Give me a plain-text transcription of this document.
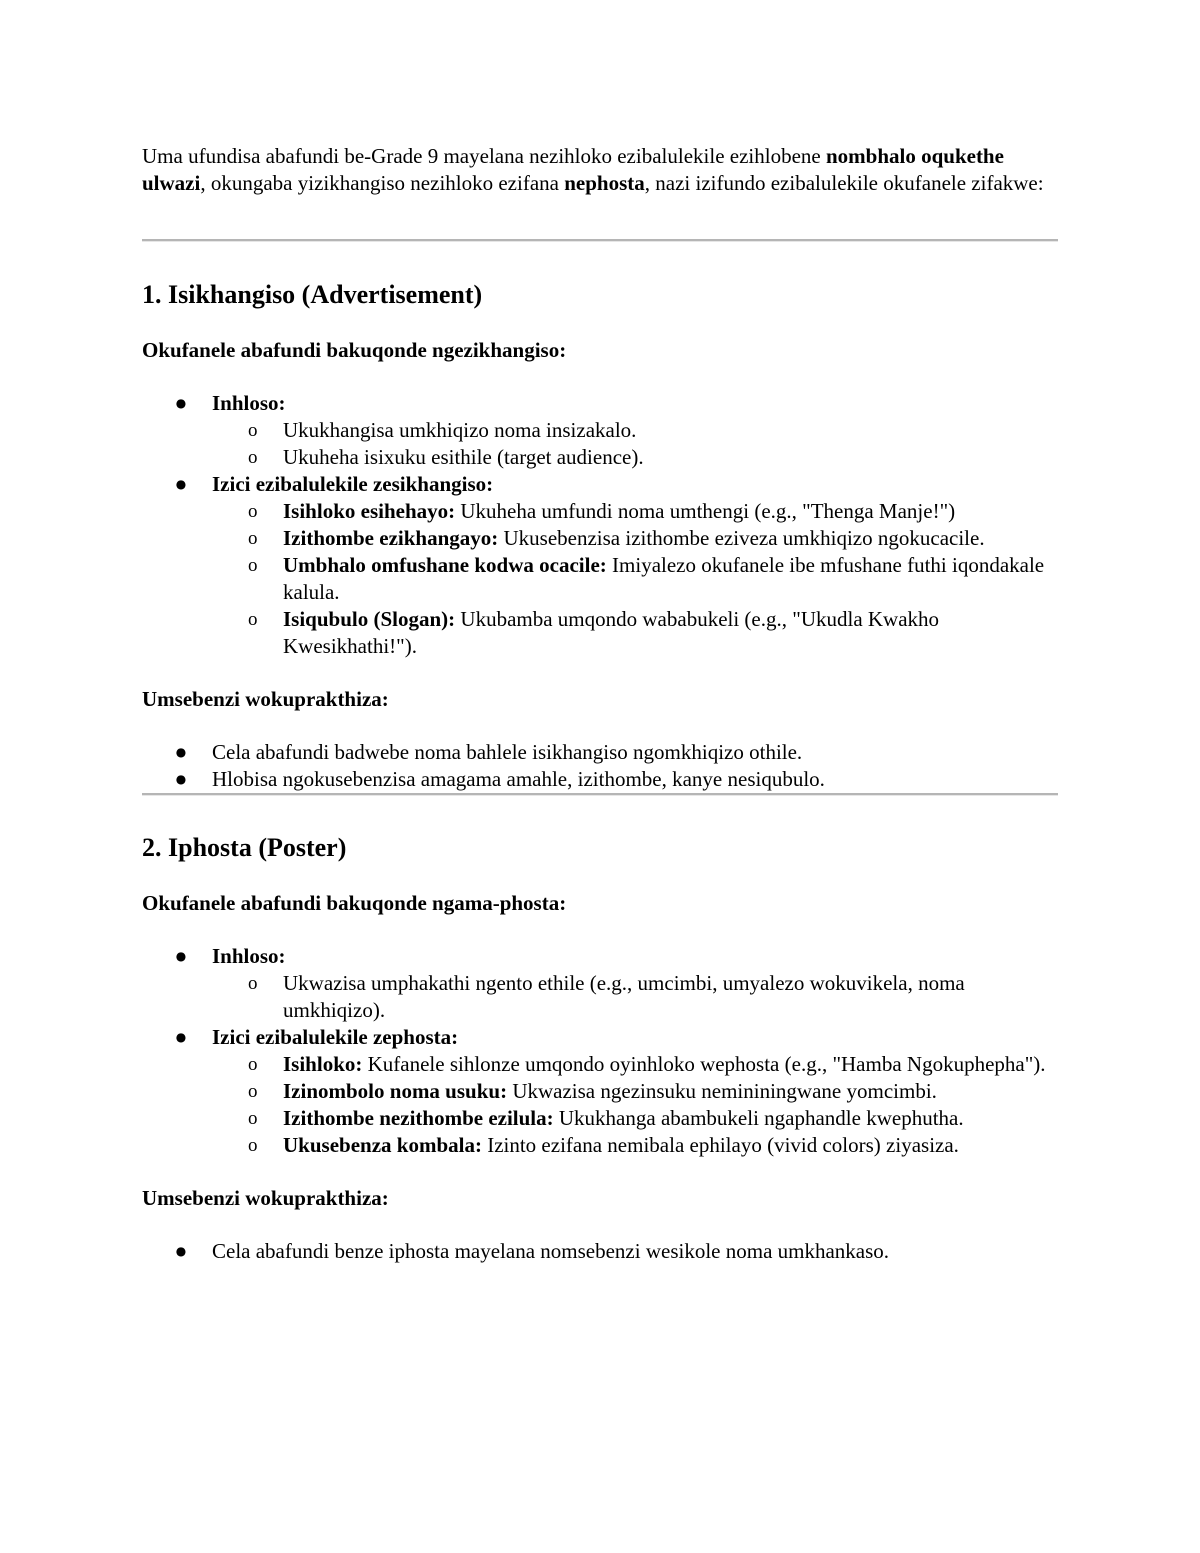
Uma ufundisa abafundi be-Grade 9 mayelana nezihloko ezibalulekile ezihlobene nombhalo oqukethe ulwazi, okungaba yizikhangiso nezihloko ezifana nephosta, nazi izifundo ezibalulekile okufanele zifakwe:

1. Isikhangiso (Advertisement)

Okufanele abafundi bakuqonde ngezikhangiso:

● Inhloso:
o Ukukhangisa umkhiqizo noma insizakalo.
o Ukuheha isixuku esithile (target audience).
● Izici ezibalulekile zesikhangiso:
o Isihloko esihehayo: Ukuheha umfundi noma umthengi (e.g., "Thenga Manje!")
o Izithombe ezikhangayo: Ukusebenzisa izithombe eziveza umkhiqizo ngokucacile.
o Umbhalo omfushane kodwa ocacile: Imiyalezo okufanele ibe mfushane futhi iqondakale kalula.
o Isiqubulo (Slogan): Ukubamba umqondo wababukeli (e.g., "Ukudla Kwakho Kwesikhathi!").

Umsebenzi wokuprakthiza:

● Cela abafundi badwebe noma bahlele isikhangiso ngomkhiqizo othile.
● Hlobisa ngokusebenzisa amagama amahle, izithombe, kanye nesiqubulo.
2. Iphosta (Poster)

Okufanele abafundi bakuqonde ngama-phosta:

● Inhloso:
o Ukwazisa umphakathi ngento ethile (e.g., umcimbi, umyalezo wokuvikela, noma umkhiqizo).
● Izici ezibalulekile zephosta:
o Isihloko: Kufanele sihlonze umqondo oyinhloko wephosta (e.g., "Hamba Ngokuphepha").
o Izinombolo noma usuku: Ukwazisa ngezinsuku nemininingwane yomcimbi.
o Izithombe nezithombe ezilula: Ukukhanga abambukeli ngaphandle kwephutha.
o Ukusebenza kombala: Izinto ezifana nemibala ephilayo (vivid colors) ziyasiza.

Umsebenzi wokuprakthiza:

● Cela abafundi benze iphosta mayelana nomsebenzi wesikole noma umkhankaso.
